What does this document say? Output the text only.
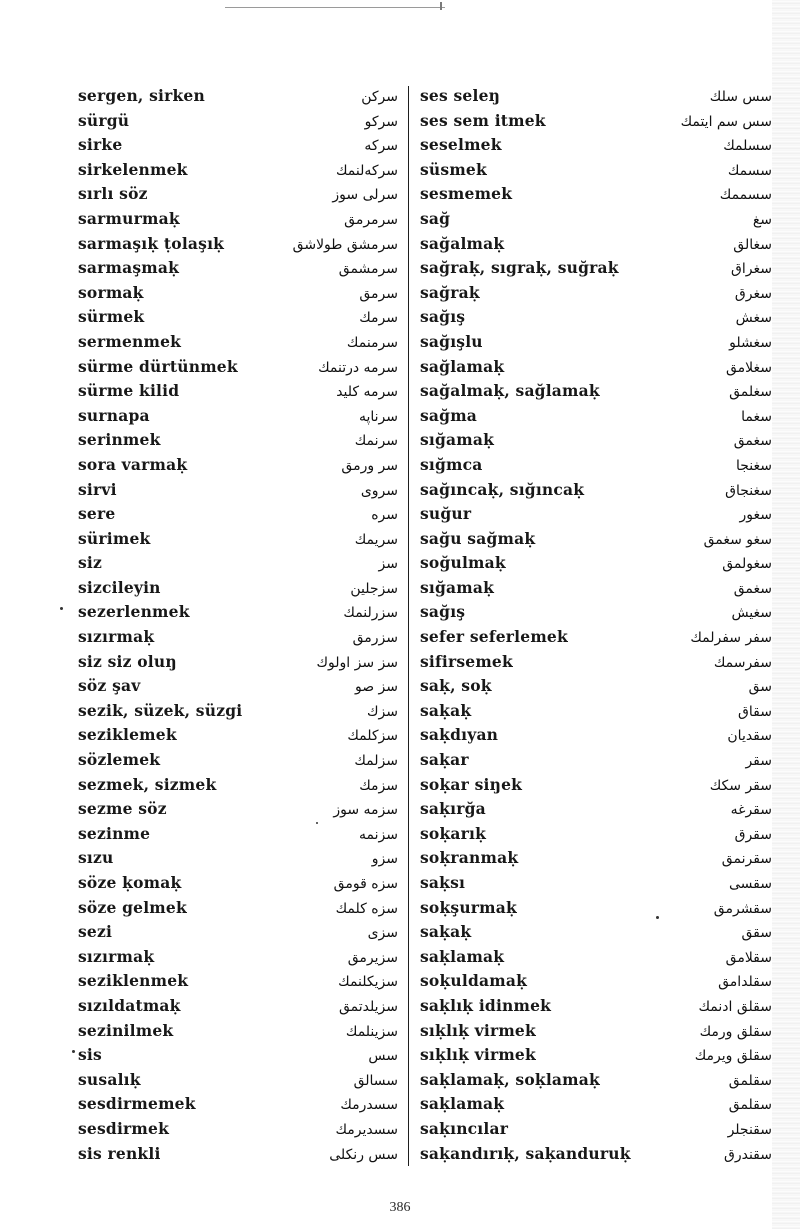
sergen, sirken	سرکن
sürgü	سرکو
sirke	سرکه
sirkelenmek	سرکه‌لنمك
sırlı söz	سرلی سوز
sarmurmaḳ	سرمرمق
sarmaşıḳ ṭolaşıḳ	سرمشق طولاشق
sarmaşmaḳ	سرمشمق
sormaḳ	سرمق
sürmek	سرمك
sermenmek	سرمنمك
sürme dürtünmek	سرمه درتنمك
sürme kilid	سرمه کلید
surnapa	سرناپه
serinmek	سرنمك
sora varmaḳ	سر ورمق
sirvi	سروی
sere	سره
sürimek	سریمك
siz	سز
sizcileyin	سزجلین
sezerlenmek	سزرلنمك
sızırmaḳ	سزرمق
siz siz oluŋ	سز سز اولوك
söz şav	سز صو
sezik, süzek, süzgi	سزك
seziklemek	سزكلمك
sözlemek	سزلمك
sezmek, sizmek	سزمك
sezme söz	سزمه سوز
sezinme	سزنمه
sızu	سزو
söze ḳomaḳ	سزه قومق
söze gelmek	سزه کلمك
sezi	سزی
sızırmaḳ	سزیرمق
seziklenmek	سزیكلنمك
sızıldatmaḳ	سزیلدتمق
sezinilmek	سزینلمك
sis	سس
susalıḳ	سسالق
sesdirmemek	سسدرمك
sesdirmek	سسدیرمك
sis renkli	سس رنكلی
ses seleŋ	سس سلك
ses sem itmek	سس سم ایتمك
seselmek	سسلمك
süsmek	سسمك
sesmemek	سسممك
sağ	سغ
sağalmaḳ	سغالق
sağraḳ, sıgraḳ, suğraḳ	سغراق
sağraḳ	سغرق
sağış	سغش
sağışlu	سغشلو
sağlamaḳ	سغلامق
sağalmaḳ, sağlamaḳ	سغلمق
sağma	سغما
sığamaḳ	سغمق
sığmca	سغنجا
sağıncaḳ, sığıncaḳ	سغنجاق
suğur	سغور
sağu sağmaḳ	سغو سغمق
soğulmaḳ	سغولمق
sığamaḳ	سغمق
sağış	سغیش
sefer seferlemek	سفر سفرلمك
sifirsemek	سفرسمك
saḳ, soḳ	سق
saḳaḳ	سقاق
saḳdıyan	سقدیان
saḳar	سقر
soḳar siŋek	سقر سكك
saḳırğa	سقرغه
soḳarıḳ	سقرق
soḳranmaḳ	سقرنمق
saḳsı	سقسی
soḳşurmaḳ	سقشرمق
saḳaḳ	سقق
saḳlamaḳ	سقلامق
soḳuldamaḳ	سقلدامق
saḳlıḳ idinmek	سقلق ادنمك
sıḳlıḳ virmek	سقلق ورمك
sıḳlıḳ virmek	سقلق ویرمك
saḳlamaḳ, soḳlamaḳ	سقلمق
saḳlamaḳ	سقلمق
saḳıncılar	سقنجلر
saḳandırıḳ, saḳanduruḳ	سقندرق
386
